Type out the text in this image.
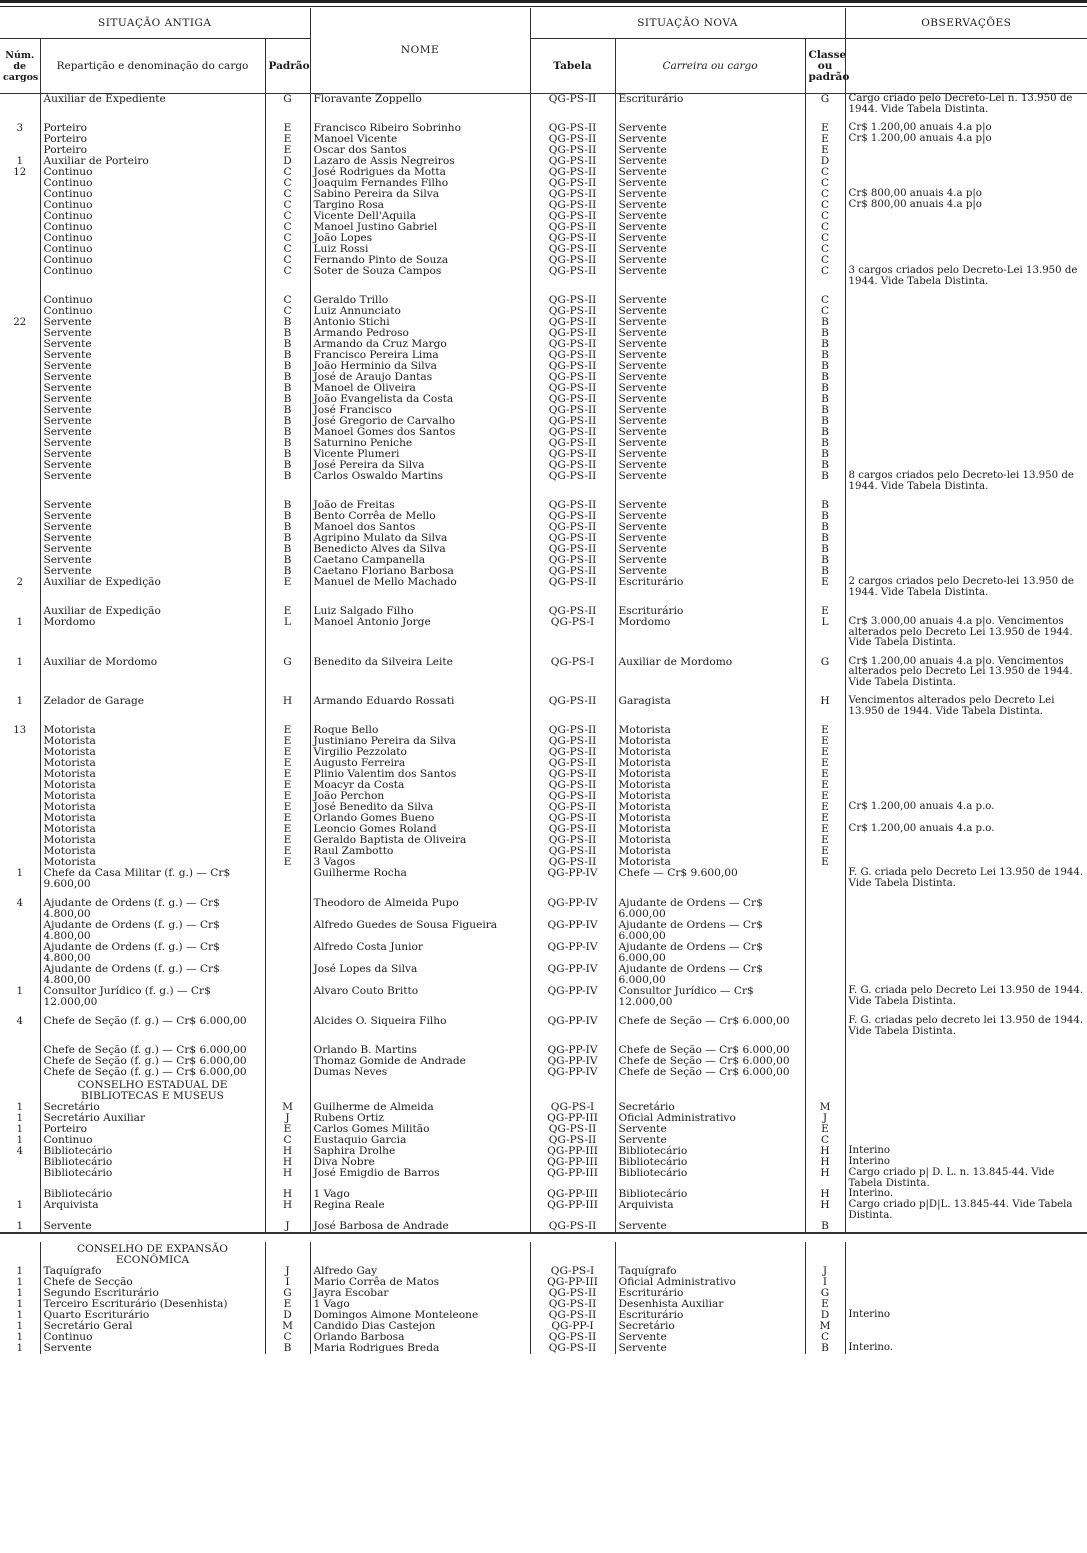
SITUAÇÃO ANTIGA			NOME	SITUAÇÃO NOVA			OBSERVAÇÕES
Núm. de cargos	Repartição e denominação do cargo	Padrão		Tabela	Carreira ou cargo	Classe ou padrão	
	Auxiliar de Expediente	G	Floravante Zoppello	QG-PS-II	Escriturário	G	Cargo criado pelo Decreto-Lei n. 13.950 de 1944. Vide Tabela Distinta.

3	Porteiro	E	Francisco Ribeiro Sobrinho	QG-PS-II	Servente	E	Cr$ 1.200,00 anuais 4.a p|o
	Porteiro	E	Manoel Vicente	QG-PS-II	Servente	E	Cr$ 1.200,00 anuais 4.a p|o
	Porteiro	E	Oscar dos Santos	QG-PS-II	Servente	E	
1	Auxiliar de Porteiro	D	Lazaro de Assis Negreiros	QG-PS-II	Servente	D	
12	Continuo	C	José Rodrigues da Motta	QG-PS-II	Servente	C	
	Continuo	C	Joaquim Fernandes Filho	QG-PS-II	Servente	C	
	Continuo	C	Sabino Pereira da Silva	QG-PS-II	Servente	C	Cr$ 800,00 anuais 4.a p|o
	Continuo	C	Targino Rosa	QG-PS-II	Servente	C	Cr$ 800,00 anuais 4.a p|o
	Continuo	C	Vicente Dell'Aquila	QG-PS-II	Servente	C	
	Continuo	C	Manoel Justino Gabriel	QG-PS-II	Servente	C	
	Continuo	C	João Lopes	QG-PS-II	Servente	C	
	Continuo	C	Luiz Rossi	QG-PS-II	Servente	C	
	Continuo	C	Fernando Pinto de Souza	QG-PS-II	Servente	C	
	Continuo	C	Soter de Souza Campos	QG-PS-II	Servente	C	3 cargos criados pelo Decreto-Lei 13.950 de 1944. Vide Tabela Distinta.

	Continuo	C	Geraldo Trillo	QG-PS-II	Servente	C	
	Continuo	C	Luiz Annunciato	QG-PS-II	Servente	C	
22	Servente	B	Antonio Stichi	QG-PS-II	Servente	B	
	Servente	B	Armando Pedroso	QG-PS-II	Servente	B	
	Servente	B	Armando da Cruz Margo	QG-PS-II	Servente	B	
	Servente	B	Francisco Pereira Lima	QG-PS-II	Servente	B	
	Servente	B	João Herminio da Silva	QG-PS-II	Servente	B	
	Servente	B	José de Araujo Dantas	QG-PS-II	Servente	B	
	Servente	B	Manoel de Oliveira	QG-PS-II	Servente	B	
	Servente	B	João Evangelista da Costa	QG-PS-II	Servente	B	
	Servente	B	José Francisco	QG-PS-II	Servente	B	
	Servente	B	José Gregorio de Carvalho	QG-PS-II	Servente	B	
	Servente	B	Manoel Gomes dos Santos	QG-PS-II	Servente	B	
	Servente	B	Saturnino Peniche	QG-PS-II	Servente	B	
	Servente	B	Vicente Plumeri	QG-PS-II	Servente	B	
	Servente	B	José Pereira da Silva	QG-PS-II	Servente	B	
	Servente	B	Carlos Oswaldo Martins	QG-PS-II	Servente	B	8 cargos criados pelo Decreto-lei 13.950 de 1944. Vide Tabela Distinta.

	Servente	B	João de Freitas	QG-PS-II	Servente	B	
	Servente	B	Bento Corrêa de Mello	QG-PS-II	Servente	B	
	Servente	B	Manoel dos Santos	QG-PS-II	Servente	B	
	Servente	B	Agripino Mulato da Silva	QG-PS-II	Servente	B	
	Servente	B	Benedicto Alves da Silva	QG-PS-II	Servente	B	
	Servente	B	Caetano Campanella	QG-PS-II	Servente	B	
	Servente	B	Caetano Floriano Barbosa	QG-PS-II	Servente	B	
2	Auxiliar de Expedição	E	Manuel de Mello Machado	QG-PS-II	Escriturário	E	2 cargos criados pelo Decreto-lei 13.950 de 1944. Vide Tabela Distinta.

	Auxiliar de Expedição	E	Luiz Salgado Filho	QG-PS-II	Escriturário	E	
1	Mordomo	L	Manoel Antonio Jorge	QG-PS-I	Mordomo	L	Cr$ 3.000,00 anuais 4.a p|o. Vencimentos alterados pelo Decreto Lei 13.950 de 1944. Vide Tabela Distinta.

1	Auxiliar de Mordomo	G	Benedito da Silveira Leite	QG-PS-I	Auxiliar de Mordomo	G	Cr$ 1.200,00 anuais 4.a p|o. Vencimentos alterados pelo Decreto Lei 13.950 de 1944. Vide Tabela Distinta.

1	Zelador de Garage	H	Armando Eduardo Rossati	QG-PS-II	Garagista	H	Vencimentos alterados pelo Decreto Lei 13.950 de 1944. Vide Tabela Distinta.

13	Motorista	E	Roque Bello	QG-PS-II	Motorista	E	
	Motorista	E	Justiniano Pereira da Silva	QG-PS-II	Motorista	E	
	Motorista	E	Virgilio Pezzolato	QG-PS-II	Motorista	E	
	Motorista	E	Augusto Ferreira	QG-PS-II	Motorista	E	
	Motorista	E	Plinio Valentim dos Santos	QG-PS-II	Motorista	E	
	Motorista	E	Moacyr da Costa	QG-PS-II	Motorista	E	
	Motorista	E	João Perchon	QG-PS-II	Motorista	E	
	Motorista	E	José Benedito da Silva	QG-PS-II	Motorista	E	Cr$ 1.200,00 anuais 4.a p.o.
	Motorista	E	Orlando Gomes Bueno	QG-PS-II	Motorista	E	
	Motorista	E	Leoncio Gomes Roland	QG-PS-II	Motorista	E	Cr$ 1.200,00 anuais 4.a p.o.
	Motorista	E	Geraldo Baptista de Oliveira	QG-PS-II	Motorista	E	
	Motorista	E	Raul Zambotto	QG-PS-II	Motorista	E	
	Motorista	E	3 Vagos	QG-PS-II	Motorista	E	
1	Chefe da Casa Militar (f. g.) — Cr$ 9.600,00		Guilherme Rocha	QG-PP-IV	Chefe — Cr$ 9.600,00		F. G. criada pelo Decreto Lei 13.950 de 1944. Vide Tabela Distinta.

4	Ajudante de Ordens (f. g.) — Cr$ 4.800,00		Theodoro de Almeida Pupo	QG-PP-IV	Ajudante de Ordens — Cr$ 6.000,00		
	Ajudante de Ordens (f. g.) — Cr$ 4.800,00		Alfredo Guedes de Sousa Figueira	QG-PP-IV	Ajudante de Ordens — Cr$ 6.000,00		
	Ajudante de Ordens (f. g.) — Cr$ 4.800,00		Alfredo Costa Junior	QG-PP-IV	Ajudante de Ordens — Cr$ 6.000,00		
	Ajudante de Ordens (f. g.) — Cr$ 4.800,00		José Lopes da Silva	QG-PP-IV	Ajudante de Ordens — Cr$ 6.000,00		
1	Consultor Jurídico (f. g.) — Cr$ 12.000,00		Alvaro Couto Britto	QG-PP-IV	Consultor Jurídico — Cr$ 12.000,00		F. G. criada pelo Decreto Lei 13.950 de 1944. Vide Tabela Distinta.

4	Chefe de Seção (f. g.) — Cr$ 6.000,00		Alcides O. Siqueira Filho	QG-PP-IV	Chefe de Seção — Cr$ 6.000,00		F. G. criadas pelo decreto lei 13.950 de 1944. Vide Tabela Distinta.

	Chefe de Seção (f. g.) — Cr$ 6.000,00		Orlando B. Martins	QG-PP-IV	Chefe de Seção — Cr$ 6.000,00		
	Chefe de Seção (f. g.) — Cr$ 6.000,00		Thomaz Gomide de Andrade	QG-PP-IV	Chefe de Seção — Cr$ 6.000,00		
	Chefe de Seção (f. g.) — Cr$ 6.000,00		Dumas Neves	QG-PP-IV	Chefe de Seção — Cr$ 6.000,00		
	CONSELHO ESTADUAL DE BIBLIOTECAS E MUSEUS						
1	Secretário	M	Guilherme de Almeida	QG-PS-I	Secretário	M	
1	Secretário Auxiliar	J	Rubens Ortiz	QG-PP-III	Oficial Administrativo	J	
1	Porteiro	E	Carlos Gomes Militão	QG-PS-II	Servente	E	
1	Continuo	C	Eustaquio Garcia	QG-PS-II	Servente	C	
4	Bibliotecário	H	Saphira Drolhe	QG-PP-III	Bibliotecário	H	Interino
	Bibliotecário	H	Diva Nobre	QG-PP-III	Bibliotecário	H	Interino
	Bibliotecário	H	José Emigdio de Barros	QG-PP-III	Bibliotecário	H	Cargo criado p| D. L. n. 13.845-44. Vide Tabela Distinta.
	Bibliotecário	H	1 Vago	QG-PP-III	Bibliotecário	H	Interino.
1	Arquivista	H	Regina Reale	QG-PP-III	Arquivista	H	Cargo criado p|D|L. 13.845-44. Vide Tabela Distinta.
1	Servente	J	José Barbosa de Andrade	QG-PS-II	Servente	B	

	CONSELHO DE EXPANSÃO ECONÔMICA						
1	Taquígrafo	J	Alfredo Gay	QG-PS-I	Taquígrafo	J	
1	Chefe de Secção	I	Mario Corrêa de Matos	QG-PP-III	Oficial Administrativo	I	
1	Segundo Escriturário	G	Jayra Escobar	QG-PS-II	Escriturário	G	
1	Terceiro Escriturário (Desenhista)	E	1 Vago	QG-PS-II	Desenhista Auxiliar	E	
1	Quarto Escriturário	D	Domingos Aimone Monteleone	QG-PS-II	Escriturário	D	Interino
1	Secretário Geral	M	Candido Dias Castejon	QG-PP-I	Secretário	M	
1	Continuo	C	Orlando Barbosa	QG-PS-II	Servente	C	
1	Servente	B	Maria Rodrigues Breda	QG-PS-II	Servente	B	Interino.
